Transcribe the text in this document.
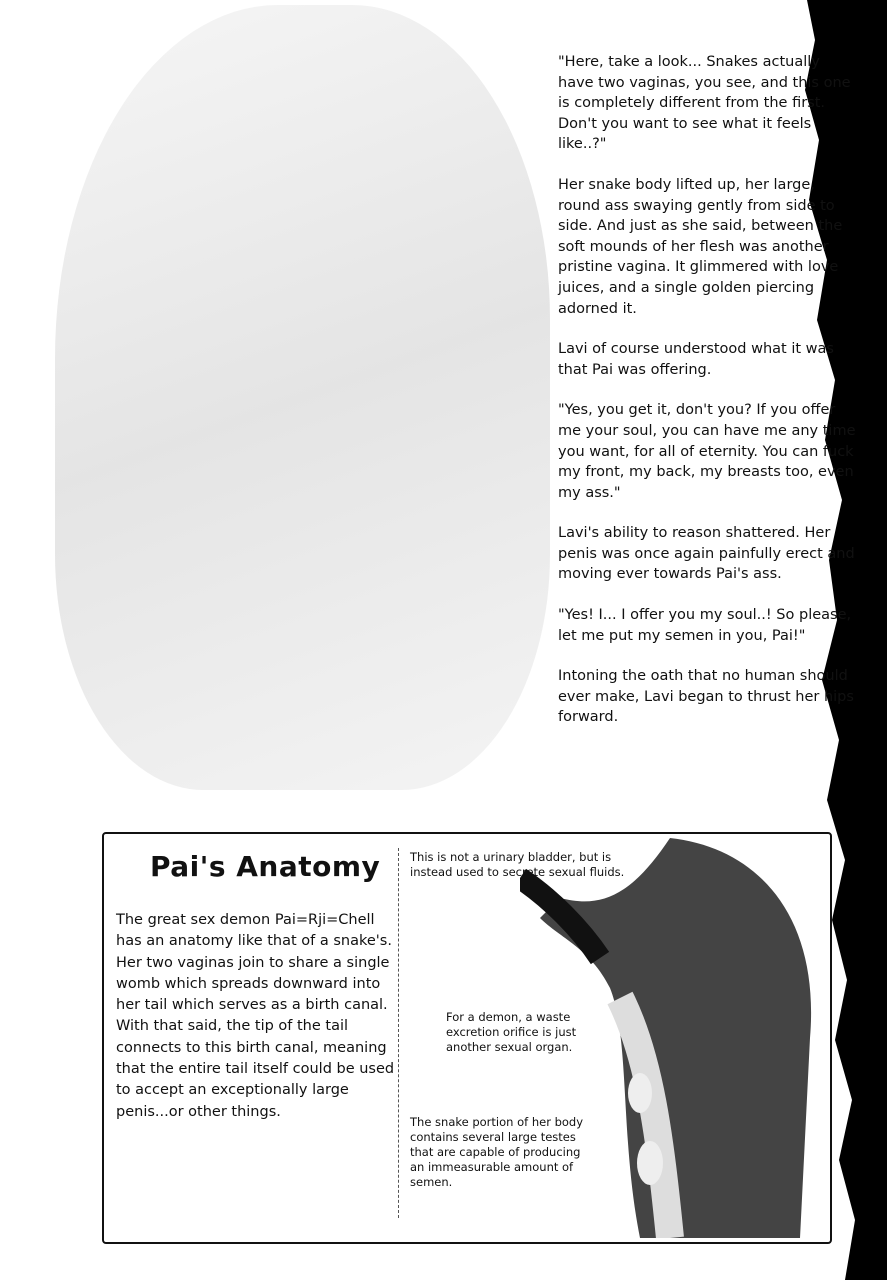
"Here, take a look... Snakes actually have two vaginas, you see, and this one is completely different from the first. Don't you want to see what it feels like..?"

Her snake body lifted up, her large, round ass swaying gently from side to side. And just as she said, between the soft mounds of her flesh was another pristine vagina. It glimmered with love juices, and a single golden piercing adorned it.

Lavi of course understood what it was that Pai was offering.

"Yes, you get it, don't you? If you offer me your soul, you can have me any time you want, for all of eternity. You can fuck my front, my back, my breasts too, even my ass."

Lavi's ability to reason shattered. Her penis was once again painfully erect and moving ever towards Pai's ass.

"Yes! I... I offer you my soul..! So please, let me put my semen in you, Pai!"

Intoning the oath that no human should ever make, Lavi began to thrust her hips forward.

Pai's Anatomy
The great sex demon Pai=Rji=Chell has an anatomy like that of a snake's. Her two vaginas join to share a single womb which spreads downward into her tail which serves as a birth canal. With that said, the tip of the tail connects to this birth canal, meaning that the entire tail itself could be used to accept an exceptionally large penis...or other things.
This is not a urinary bladder, but is instead used to secrete sexual fluids.
For a demon, a waste excretion orifice is just another sexual organ.
The snake portion of her body contains several large testes that are capable of producing an immeasurable amount of semen.
